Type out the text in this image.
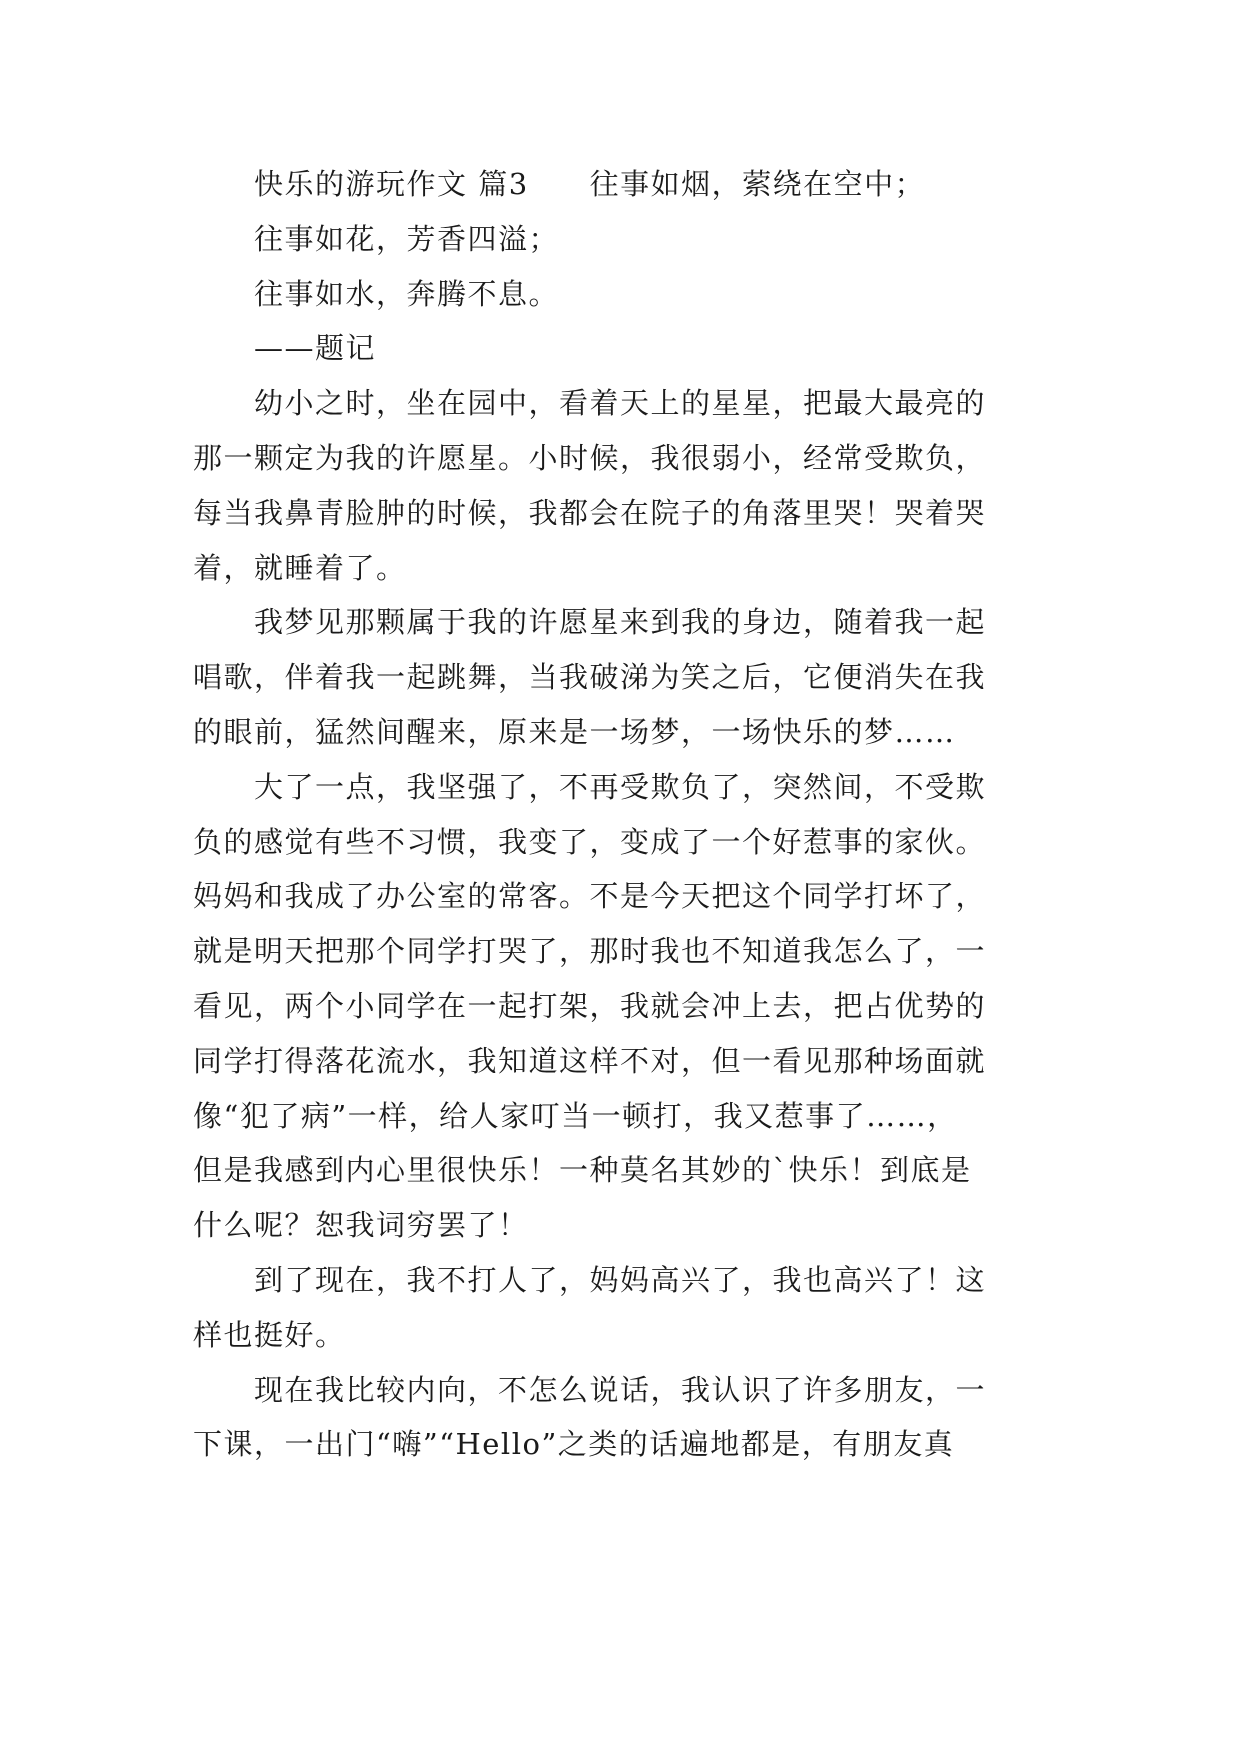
快乐的游玩作文 篇3　　往事如烟，萦绕在空中；
往事如花，芳香四溢；
往事如水，奔腾不息。
——题记
幼小之时，坐在园中，看着天上的星星，把最大最亮的
那一颗定为我的许愿星。小时候，我很弱小，经常受欺负，
每当我鼻青脸肿的时候，我都会在院子的角落里哭！哭着哭
着，就睡着了。
我梦见那颗属于我的许愿星来到我的身边，随着我一起
唱歌，伴着我一起跳舞，当我破涕为笑之后，它便消失在我
的眼前，猛然间醒来，原来是一场梦，一场快乐的梦……
大了一点，我坚强了，不再受欺负了，突然间，不受欺
负的感觉有些不习惯，我变了，变成了一个好惹事的家伙。
妈妈和我成了办公室的常客。不是今天把这个同学打坏了，
就是明天把那个同学打哭了，那时我也不知道我怎么了，一
看见，两个小同学在一起打架，我就会冲上去，把占优势的
同学打得落花流水，我知道这样不对，但一看见那种场面就
像“犯了病”一样，给人家叮当一顿打，我又惹事了……，
但是我感到内心里很快乐！一种莫名其妙的`快乐！到底是
什么呢？恕我词穷罢了！
到了现在，我不打人了，妈妈高兴了，我也高兴了！这
样也挺好。
现在我比较内向，不怎么说话，我认识了许多朋友，一
下课，一出门“嗨”“Hello”之类的话遍地都是，有朋友真
